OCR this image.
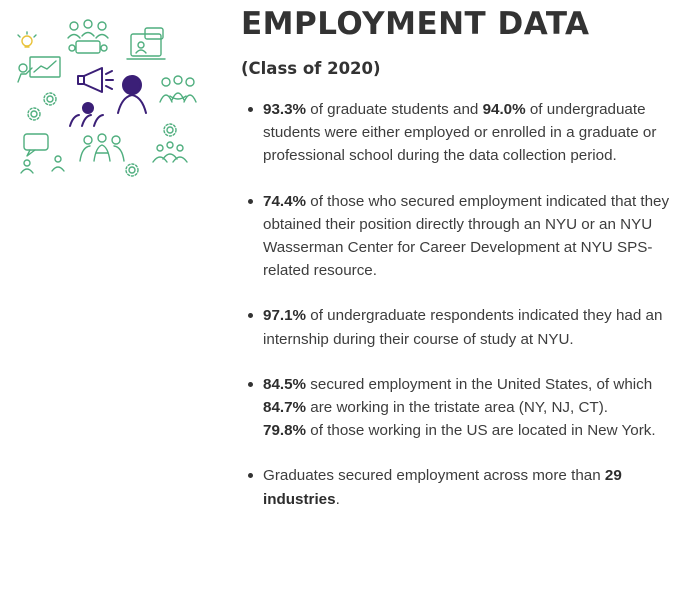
EMPLOYMENT DATA
(Class of 2020)
93.3% of graduate students and 94.0% of undergraduate students were either employed or enrolled in a graduate or professional school during the data collection period.
74.4% of those who secured employment indicated that they obtained their position directly through an NYU or an NYU Wasserman Center for Career Development at NYU SPS-related resource.
97.1% of undergraduate respondents indicated they had an internship during their course of study at NYU.
84.5% secured employment in the United States, of which 84.7% are working in the tristate area (NY, NJ, CT).
79.8% of those working in the US are located in New York.
Graduates secured employment across more than 29 industries.
